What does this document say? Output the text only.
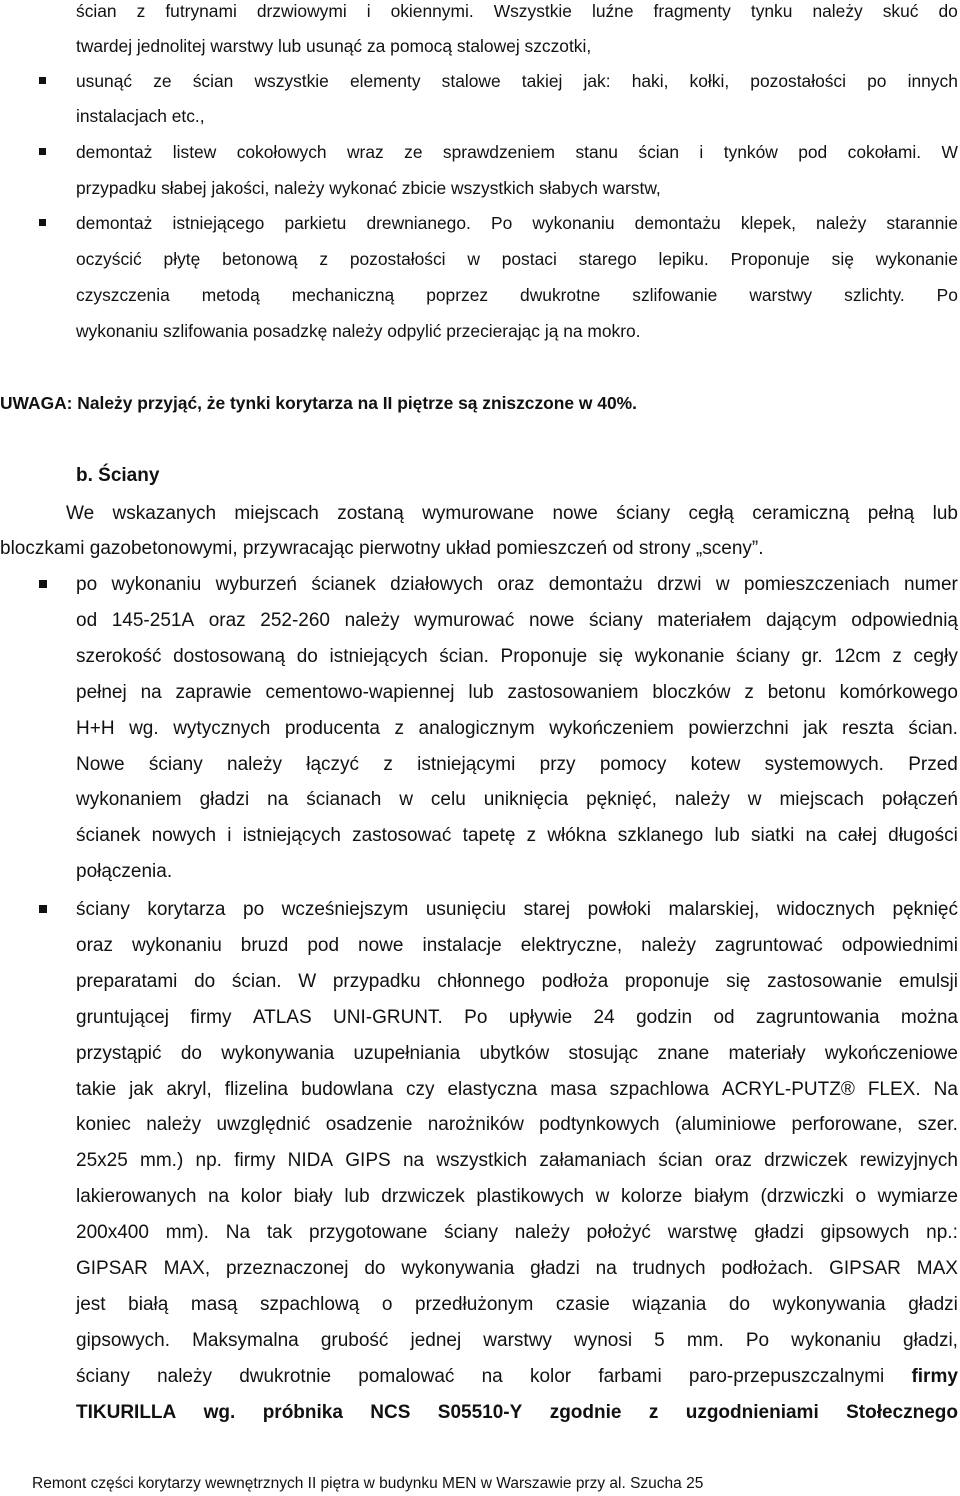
ścian z futrynami drzwiowymi i okiennymi. Wszystkie luźne fragmenty tynku należy skuć do
twardej jednolitej warstwy lub usunąć za pomocą stalowej szczotki,
usunąć ze ścian wszystkie elementy stalowe takiej jak: haki, kołki, pozostałości po innych
instalacjach etc.,
demontaż listew cokołowych wraz ze sprawdzeniem stanu ścian i tynków pod cokołami. W
przypadku słabej jakości, należy wykonać zbicie wszystkich słabych warstw,
demontaż istniejącego parkietu drewnianego. Po wykonaniu demontażu klepek, należy starannie
oczyścić płytę betonową z pozostałości w postaci starego lepiku. Proponuje się wykonanie
czyszczenia metodą mechaniczną poprzez dwukrotne szlifowanie warstwy szlichty. Po
wykonaniu szlifowania posadzkę należy odpylić przecierając ją na mokro.
UWAGA: Należy przyjąć, że tynki korytarza na II piętrze są zniszczone w 40%.
b. Ściany
We wskazanych miejscach zostaną wymurowane nowe ściany cegłą ceramiczną pełną lub
bloczkami gazobetonowymi, przywracając pierwotny układ pomieszczeń od strony „sceny”.
po wykonaniu wyburzeń ścianek działowych oraz demontażu drzwi w pomieszczeniach numer
od 145-251A oraz 252-260 należy wymurować nowe ściany materiałem dającym odpowiednią
szerokość dostosowaną do istniejących ścian. Proponuje się wykonanie ściany gr. 12cm z cegły
pełnej na zaprawie cementowo-wapiennej lub zastosowaniem bloczków z betonu komórkowego
H+H wg. wytycznych producenta z analogicznym wykończeniem powierzchni jak reszta ścian.
Nowe ściany należy łączyć z istniejącymi przy pomocy kotew systemowych. Przed
wykonaniem gładzi na ścianach w celu uniknięcia pęknięć, należy w miejscach połączeń
ścianek nowych i istniejących zastosować tapetę z włókna szklanego lub siatki na całej długości
połączenia.
ściany korytarza po wcześniejszym usunięciu starej powłoki malarskiej, widocznych pęknięć
oraz wykonaniu bruzd pod nowe instalacje elektryczne, należy zagruntować odpowiednimi
preparatami do ścian. W przypadku chłonnego podłoża proponuje się zastosowanie emulsji
gruntującej firmy ATLAS UNI-GRUNT. Po upływie 24 godzin od zagruntowania można
przystąpić do wykonywania uzupełniania ubytków stosując znane materiały wykończeniowe
takie jak akryl, flizelina budowlana czy elastyczna masa szpachlowa ACRYL-PUTZ® FLEX. Na
koniec należy uwzględnić osadzenie narożników podtynkowych (aluminiowe perforowane, szer.
25x25 mm.) np. firmy NIDA GIPS na wszystkich załamaniach ścian oraz drzwiczek rewizyjnych
lakierowanych na kolor biały lub drzwiczek plastikowych w kolorze białym (drzwiczki o wymiarze
200x400 mm). Na tak przygotowane ściany należy położyć warstwę gładzi gipsowych np.:
GIPSAR MAX, przeznaczonej do wykonywania gładzi na trudnych podłożach. GIPSAR MAX
jest białą masą szpachlową o przedłużonym czasie wiązania do wykonywania gładzi
gipsowych. Maksymalna grubość jednej warstwy wynosi 5 mm. Po wykonaniu gładzi,
ściany należy dwukrotnie pomalować na kolor farbami paro-przepuszczalnymi firmy
TIKURILLA wg. próbnika NCS S05510-Y zgodnie z uzgodnieniami Stołecznego
Remont części korytarzy wewnętrznych II piętra w budynku MEN w Warszawie przy al. Szucha 25
